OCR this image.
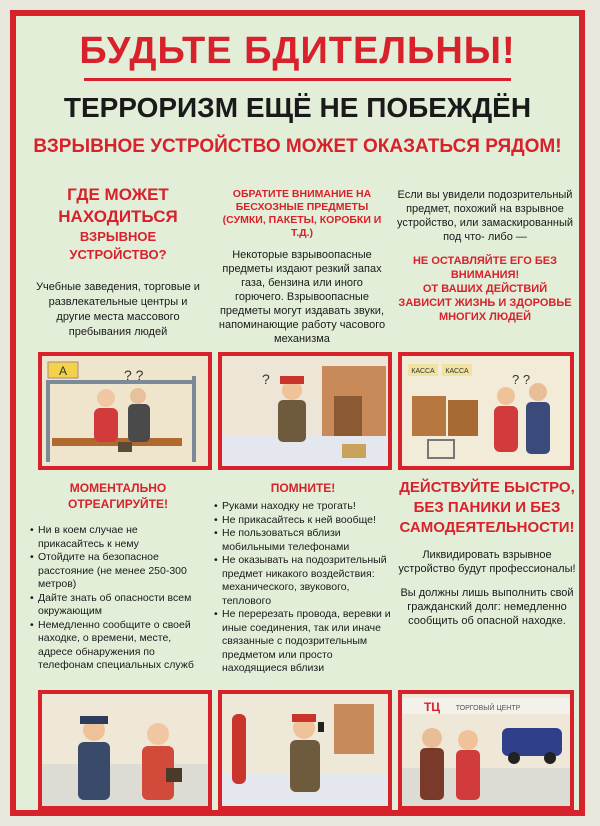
БУДЬТЕ БДИТЕЛЬНЫ!
ТЕРРОРИЗМ ЕЩЁ НЕ ПОБЕЖДЁН
ВЗРЫВНОЕ УСТРОЙСТВО МОЖЕТ ОКАЗАТЬСЯ РЯДОМ!
ГДЕ МОЖЕТ
НАХОДИТЬСЯ
ВЗРЫВНОЕ УСТРОЙСТВО?
Учебные заведения, торговые и развлекательные центры и другие места массового пребывания людей
ОБРАТИТЕ ВНИМАНИЕ НА БЕСХОЗНЫЕ ПРЕДМЕТЫ (СУМКИ, ПАКЕТЫ, КОРОБКИ И Т.Д.)
Некоторые взрывоопасные предметы издают резкий запах газа, бензина или иного горючего. Взрывоопасные предметы могут издавать звуки, напоминающие работу часового механизма
Если вы увидели подозрительный предмет, похожий на взрывное устройство, или замаскированный под что- либо —
НЕ ОСТАВЛЯЙТЕ ЕГО БЕЗ ВНИМАНИЯ!
ОТ ВАШИХ ДЕЙСТВИЙ ЗАВИСИТ ЖИЗНЬ И ЗДОРОВЬЕ МНОГИХ ЛЮДЕЙ
А	? ?	?	КАССА КАССА
? ?
МОМЕНТАЛЬНО
ОТРЕАГИРУЙТЕ!
• Ни в коем случае не прикасайтесь к нему
• Отойдите на безопасное расстояние (не менее 250-300 метров)
• Дайте знать об опасности всем окружающим
• Немедленно сообщите о своей находке, о времени, месте, адресе обнаружения по телефонам специальных служб
ПОМНИТЕ!
• Руками находку не трогать!
• Не прикасайтесь к ней вообще!
• Не пользоваться вблизи мобильными телефонами
• Не оказывать на подозрительный предмет никакого воздействия: механического, звукового, теплового
• Не перерезать провода, веревки и иные соединения, так или иначе связанные с подозрительным предметом или просто находящиеся вблизи
ДЕЙСТВУЙТЕ БЫСТРО, БЕЗ ПАНИКИ И БЕЗ САМОДЕЯТЕЛЬНОСТИ!
Ликвидировать взрывное устройство будут профессионалы!
Вы должны лишь выполнить свой гражданский долг: немедленно сообщить об опасной находке.
ТЦ ТОРГОВЫЙ ЦЕНТР
